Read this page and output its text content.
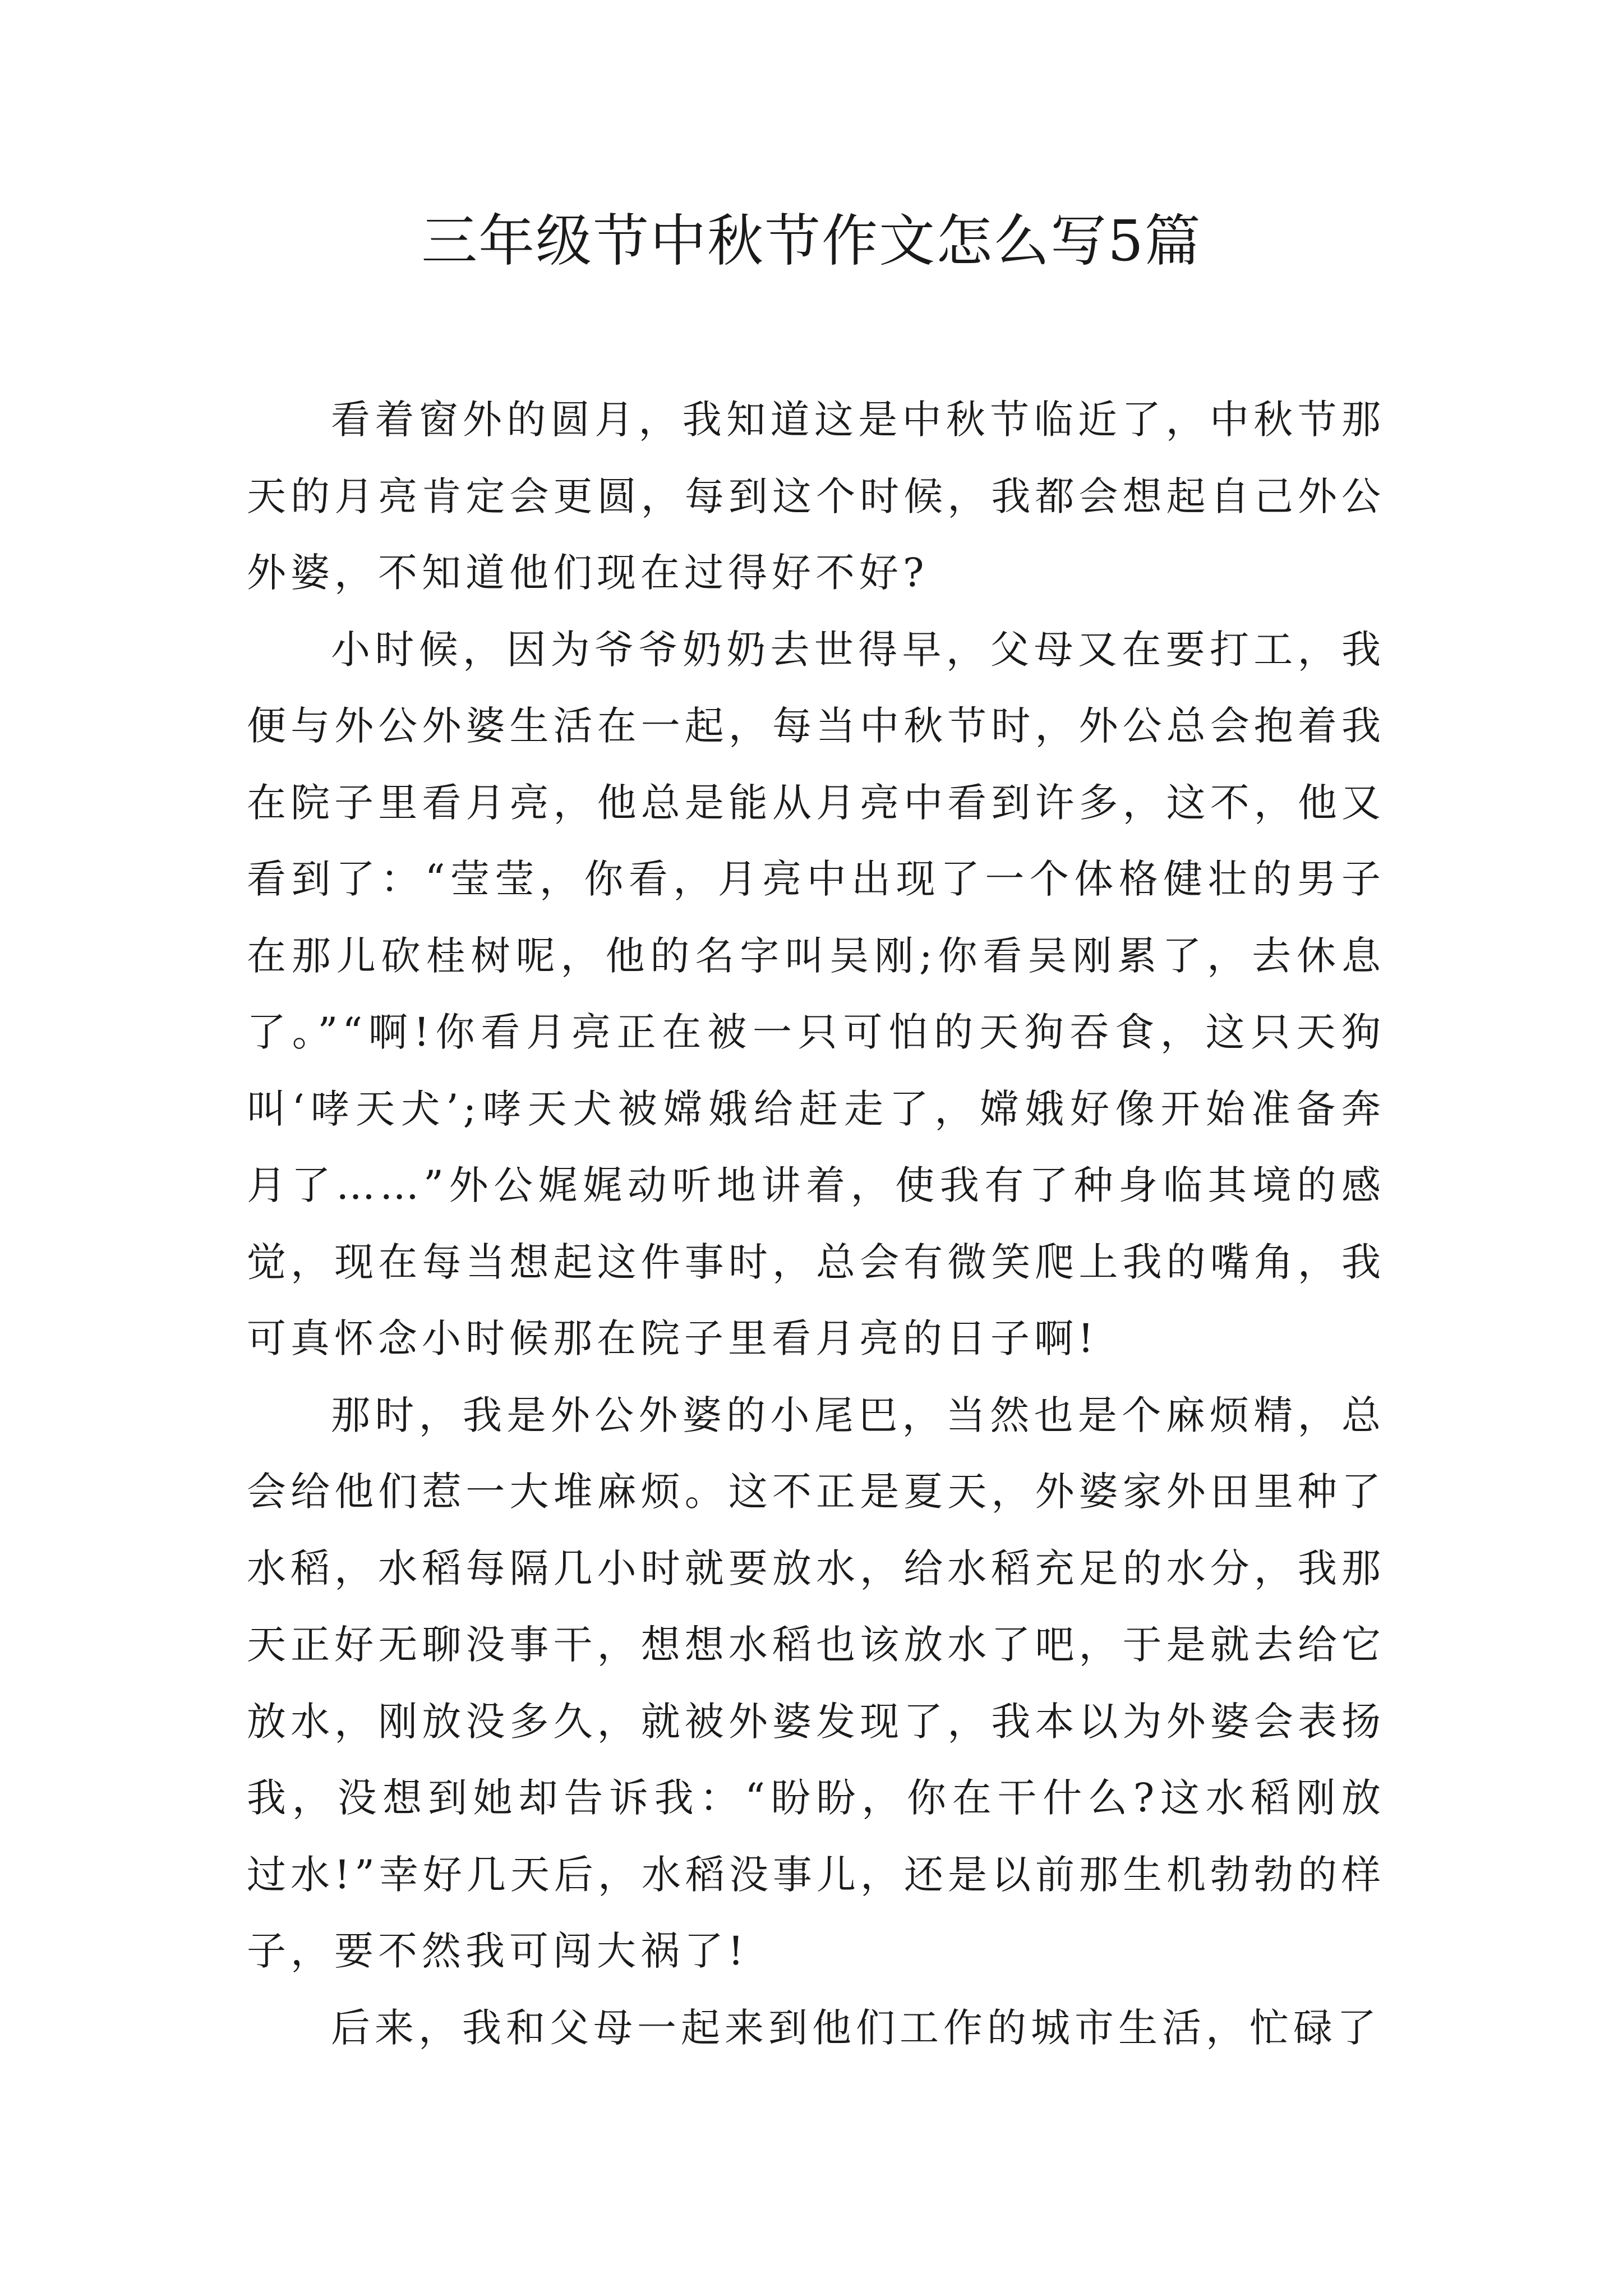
三年级节中秋节作文怎么写5篇

看着窗外的圆月，我知道这是中秋节临近了，中秋节那天的月亮肯定会更圆，每到这个时候，我都会想起自己外公外婆，不知道他们现在过得好不好?

小时候，因为爷爷奶奶去世得早，父母又在要打工，我便与外公外婆生活在一起，每当中秋节时，外公总会抱着我在院子里看月亮，他总是能从月亮中看到许多，这不，他又看到了：“莹莹，你看，月亮中出现了一个体格健壮的男子在那儿砍桂树呢，他的名字叫吴刚;你看吴刚累了，去休息了。”“啊!你看月亮正在被一只可怕的天狗吞食，这只天狗叫‘哮天犬’;哮天犬被嫦娥给赶走了，嫦娥好像开始准备奔月了……”外公娓娓动听地讲着，使我有了种身临其境的感觉，现在每当想起这件事时，总会有微笑爬上我的嘴角，我可真怀念小时候那在院子里看月亮的日子啊!

那时，我是外公外婆的小尾巴，当然也是个麻烦精，总会给他们惹一大堆麻烦。这不正是夏天，外婆家外田里种了水稻，水稻每隔几小时就要放水，给水稻充足的水分，我那天正好无聊没事干，想想水稻也该放水了吧，于是就去给它放水，刚放没多久，就被外婆发现了，我本以为外婆会表扬我，没想到她却告诉我：“盼盼，你在干什么?这水稻刚放过水!”幸好几天后，水稻没事儿，还是以前那生机勃勃的样子，要不然我可闯大祸了!

后来，我和父母一起来到他们工作的城市生活，忙碌了
